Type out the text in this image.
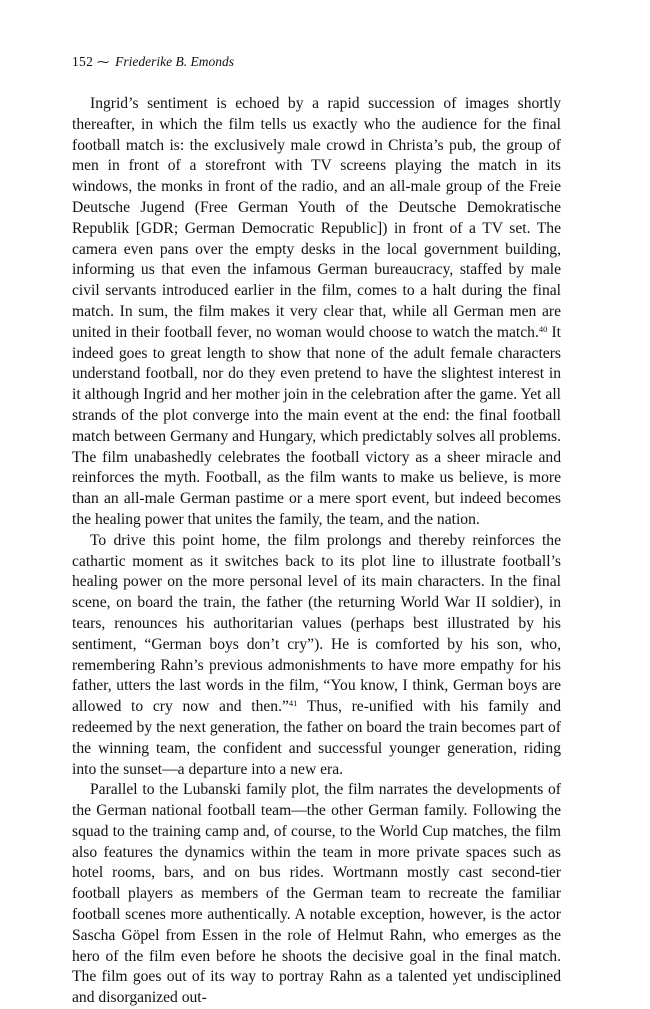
152 ⁓ Friederike B. Emonds

Ingrid’s sentiment is echoed by a rapid succession of images shortly thereafter, in which the film tells us exactly who the audience for the final football match is: the exclusively male crowd in Christa’s pub, the group of men in front of a storefront with TV screens playing the match in its windows, the monks in front of the radio, and an all-male group of the Freie Deutsche Jugend (Free German Youth of the Deutsche Demokratische Republik [GDR; German Democratic Republic]) in front of a TV set. The camera even pans over the empty desks in the local government building, informing us that even the infamous German bureaucracy, staffed by male civil servants introduced earlier in the film, comes to a halt during the final match. In sum, the film makes it very clear that, while all German men are united in their football fever, no woman would choose to watch the match.$^{40}$ It indeed goes to great length to show that none of the adult female characters understand football, nor do they even pretend to have the slightest interest in it although Ingrid and her mother join in the celebration after the game. Yet all strands of the plot converge into the main event at the end: the final football match between Germany and Hungary, which predictably solves all problems. The film unabashedly celebrates the football victory as a sheer miracle and reinforces the myth. Football, as the film wants to make us believe, is more than an all-male German pastime or a mere sport event, but indeed becomes the healing power that unites the family, the team, and the nation.

To drive this point home, the film prolongs and thereby reinforces the cathartic moment as it switches back to its plot line to illustrate football’s healing power on the more personal level of its main characters. In the final scene, on board the train, the father (the returning World War II soldier), in tears, renounces his authoritarian values (perhaps best illustrated by his sentiment, “German boys don’t cry”). He is comforted by his son, who, remembering Rahn’s previous admonishments to have more empathy for his father, utters the last words in the film, “You know, I think, German boys are allowed to cry now and then.”$^{41}$ Thus, re-unified with his family and redeemed by the next generation, the father on board the train becomes part of the winning team, the confident and successful younger generation, riding into the sunset—a departure into a new era.

Parallel to the Lubanski family plot, the film narrates the developments of the German national football team—the other German family. Following the squad to the training camp and, of course, to the World Cup matches, the film also features the dynamics within the team in more private spaces such as hotel rooms, bars, and on bus rides. Wortmann mostly cast second-tier football players as members of the German team to recreate the familiar football scenes more authentically. A notable exception, however, is the actor Sascha Göpel from Essen in the role of Helmut Rahn, who emerges as the hero of the film even before he shoots the decisive goal in the final match. The film goes out of its way to portray Rahn as a talented yet undisciplined and disorganized out-
